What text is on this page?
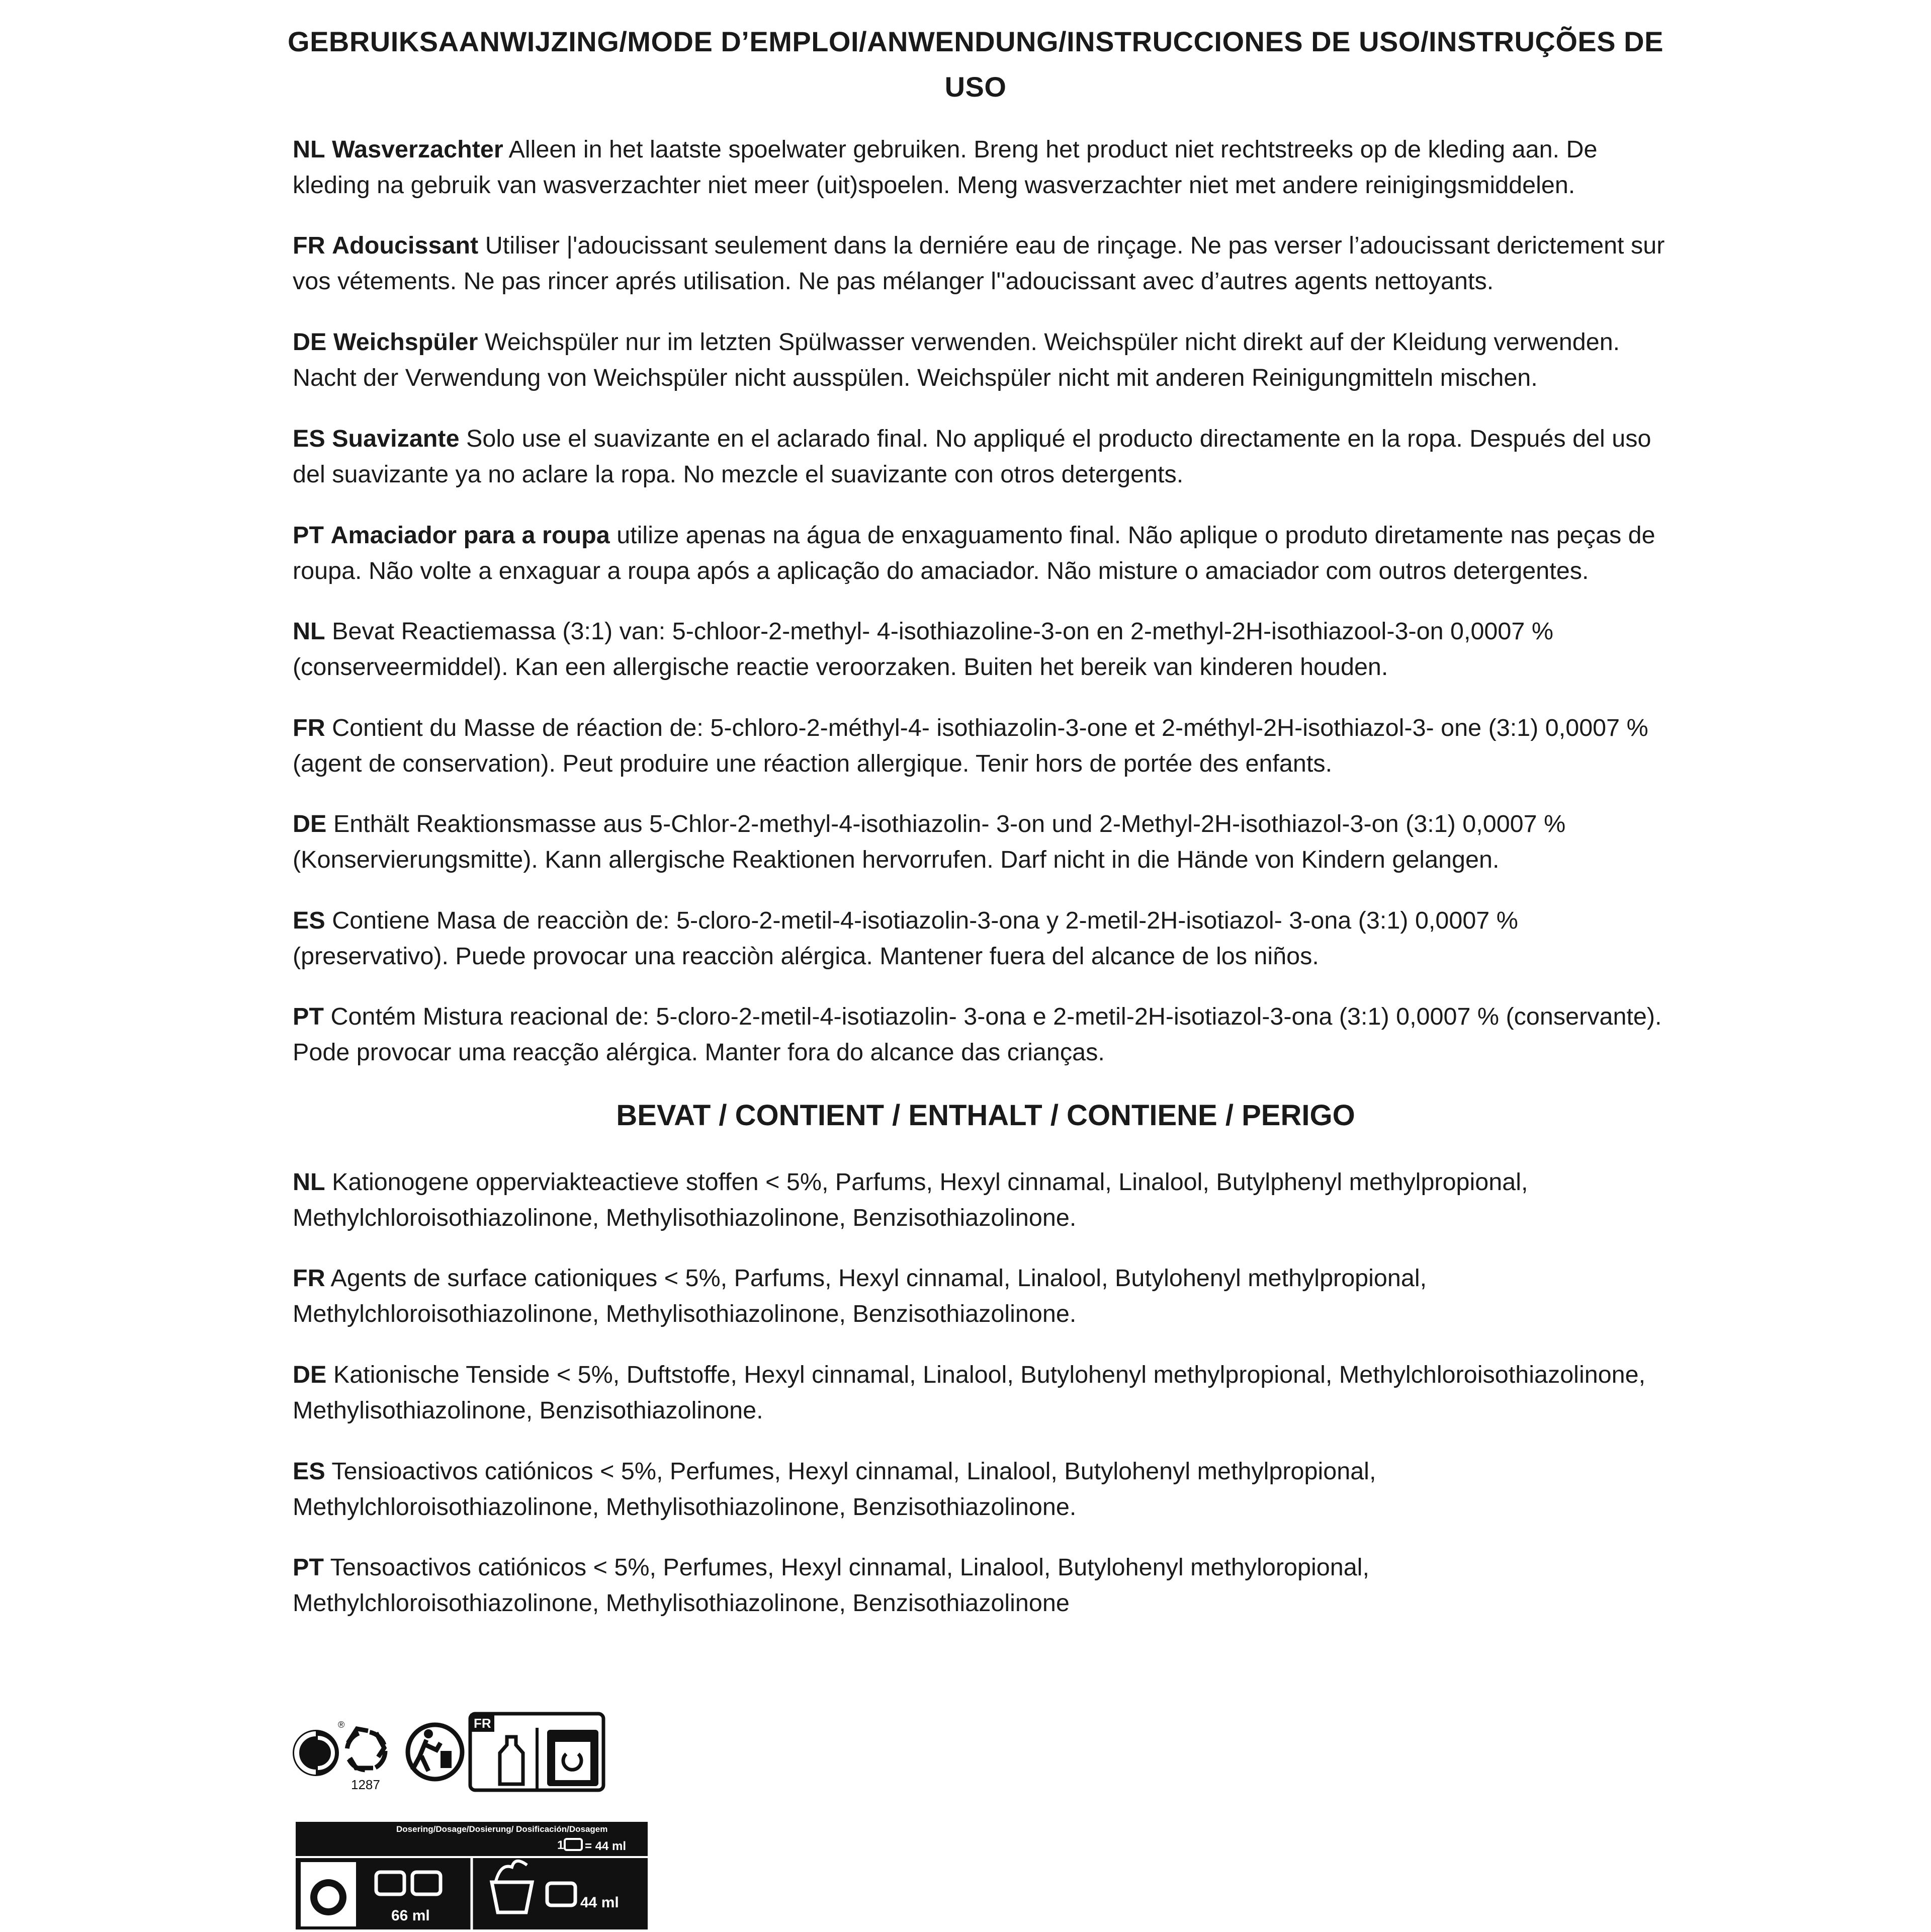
GEBRUIKSAANWIJZING/MODE D’EMPLOI/ANWENDUNG/INSTRUCCIONES DE USO/INSTRUÇÕES DE USO

NL Wasverzachter Alleen in het laatste spoelwater gebruiken. Breng het product niet rechtstreeks op de kleding aan. De kleding na gebruik van wasverzachter niet meer (uit)spoelen. Meng wasverzachter niet met andere reinigingsmiddelen.

FR Adoucissant Utiliser |'adoucissant seulement dans la derniére eau de rinçage. Ne pas verser l’adoucissant derictement sur vos vétements. Ne pas rincer aprés utilisation. Ne pas mélanger l''adoucissant avec d’autres agents nettoyants.

DE Weichspüler Weichspüler nur im letzten Spülwasser verwenden. Weichspüler nicht direkt auf der Kleidung verwenden. Nacht der Verwendung von Weichspüler nicht ausspülen. Weichspüler nicht mit anderen Reinigungmitteln mischen.

ES Suavizante Solo use el suavizante en el aclarado final. No appliqué el producto directamente en la ropa. Después del uso del suavizante ya no aclare la ropa. No mezcle el suavizante con otros detergents.

PT Amaciador para a roupa utilize apenas na água de enxaguamento final. Não aplique o produto diretamente nas peças de roupa. Não volte a enxaguar a roupa após a aplicação do amaciador. Não misture o amaciador com outros detergentes.

NL Bevat Reactiemassa (3:1) van: 5-chloor-2-methyl- 4-isothiazoline-3-on en 2-methyl-2H-isothiazool-3-on 0,0007 % (conserveermiddel). Kan een allergische reactie veroorzaken. Buiten het bereik van kinderen houden.

FR Contient du Masse de réaction de: 5-chloro-2-méthyl-4- isothiazolin-3-one et 2-méthyl-2H-isothiazol-3- one (3:1) 0,0007 % (agent de conservation). Peut produire une réaction allergique. Tenir hors de portée des enfants.

DE Enthält Reaktionsmasse aus 5-Chlor-2-methyl-4-isothiazolin- 3-on und 2-Methyl-2H-isothiazol-3-on (3:1) 0,0007 % (Konservierungsmitte). Kann allergische Reaktionen hervorrufen. Darf nicht in die Hände von Kindern gelangen.

ES Contiene Masa de reacciòn de: 5-cloro-2-metil-4-isotiazolin-3-ona y 2-metil-2H-isotiazol- 3-ona (3:1) 0,0007 % (preservativo). Puede provocar una reacciòn alérgica. Mantener fuera del alcance de los niños.

PT Contém Mistura reacional de: 5-cloro-2-metil-4-isotiazolin- 3-ona e 2-metil-2H-isotiazol-3-ona (3:1) 0,0007 % (conservante). Pode provocar uma reacção alérgica. Manter fora do alcance das crianças.

BEVAT / CONTIENT / ENTHALT / CONTIENE / PERIGO

NL Kationogene opperviakteactieve stoffen < 5%, Parfums, Hexyl cinnamal, Linalool, Butylphenyl methylpropional, Methylchloroisothiazolinone, Methylisothiazolinone, Benzisothiazolinone.

FR Agents de surface cationiques < 5%, Parfums, Hexyl cinnamal, Linalool, Butylohenyl methylpropional, Methylchloroisothiazolinone, Methylisothiazolinone, Benzisothiazolinone.

DE Kationische Tenside < 5%, Duftstoffe, Hexyl cinnamal, Linalool, Butylohenyl methylpropional, Methylchloroisothiazolinone, Methylisothiazolinone, Benzisothiazolinone.

ES Tensioactivos catiónicos < 5%, Perfumes, Hexyl cinnamal, Linalool, Butylohenyl methylpropional, Methylchloroisothiazolinone, Methylisothiazolinone, Benzisothiazolinone.

PT Tensoactivos catiónicos < 5%, Perfumes, Hexyl cinnamal, Linalool, Butylohenyl methyloropional, Methylchloroisothiazolinone, Methylisothiazolinone, Benzisothiazolinone

®
1287
FR
Dosering/Dosage/Dosierung/ Dosificación/Dosagem
1 = 44 ml
66 ml
44 ml
